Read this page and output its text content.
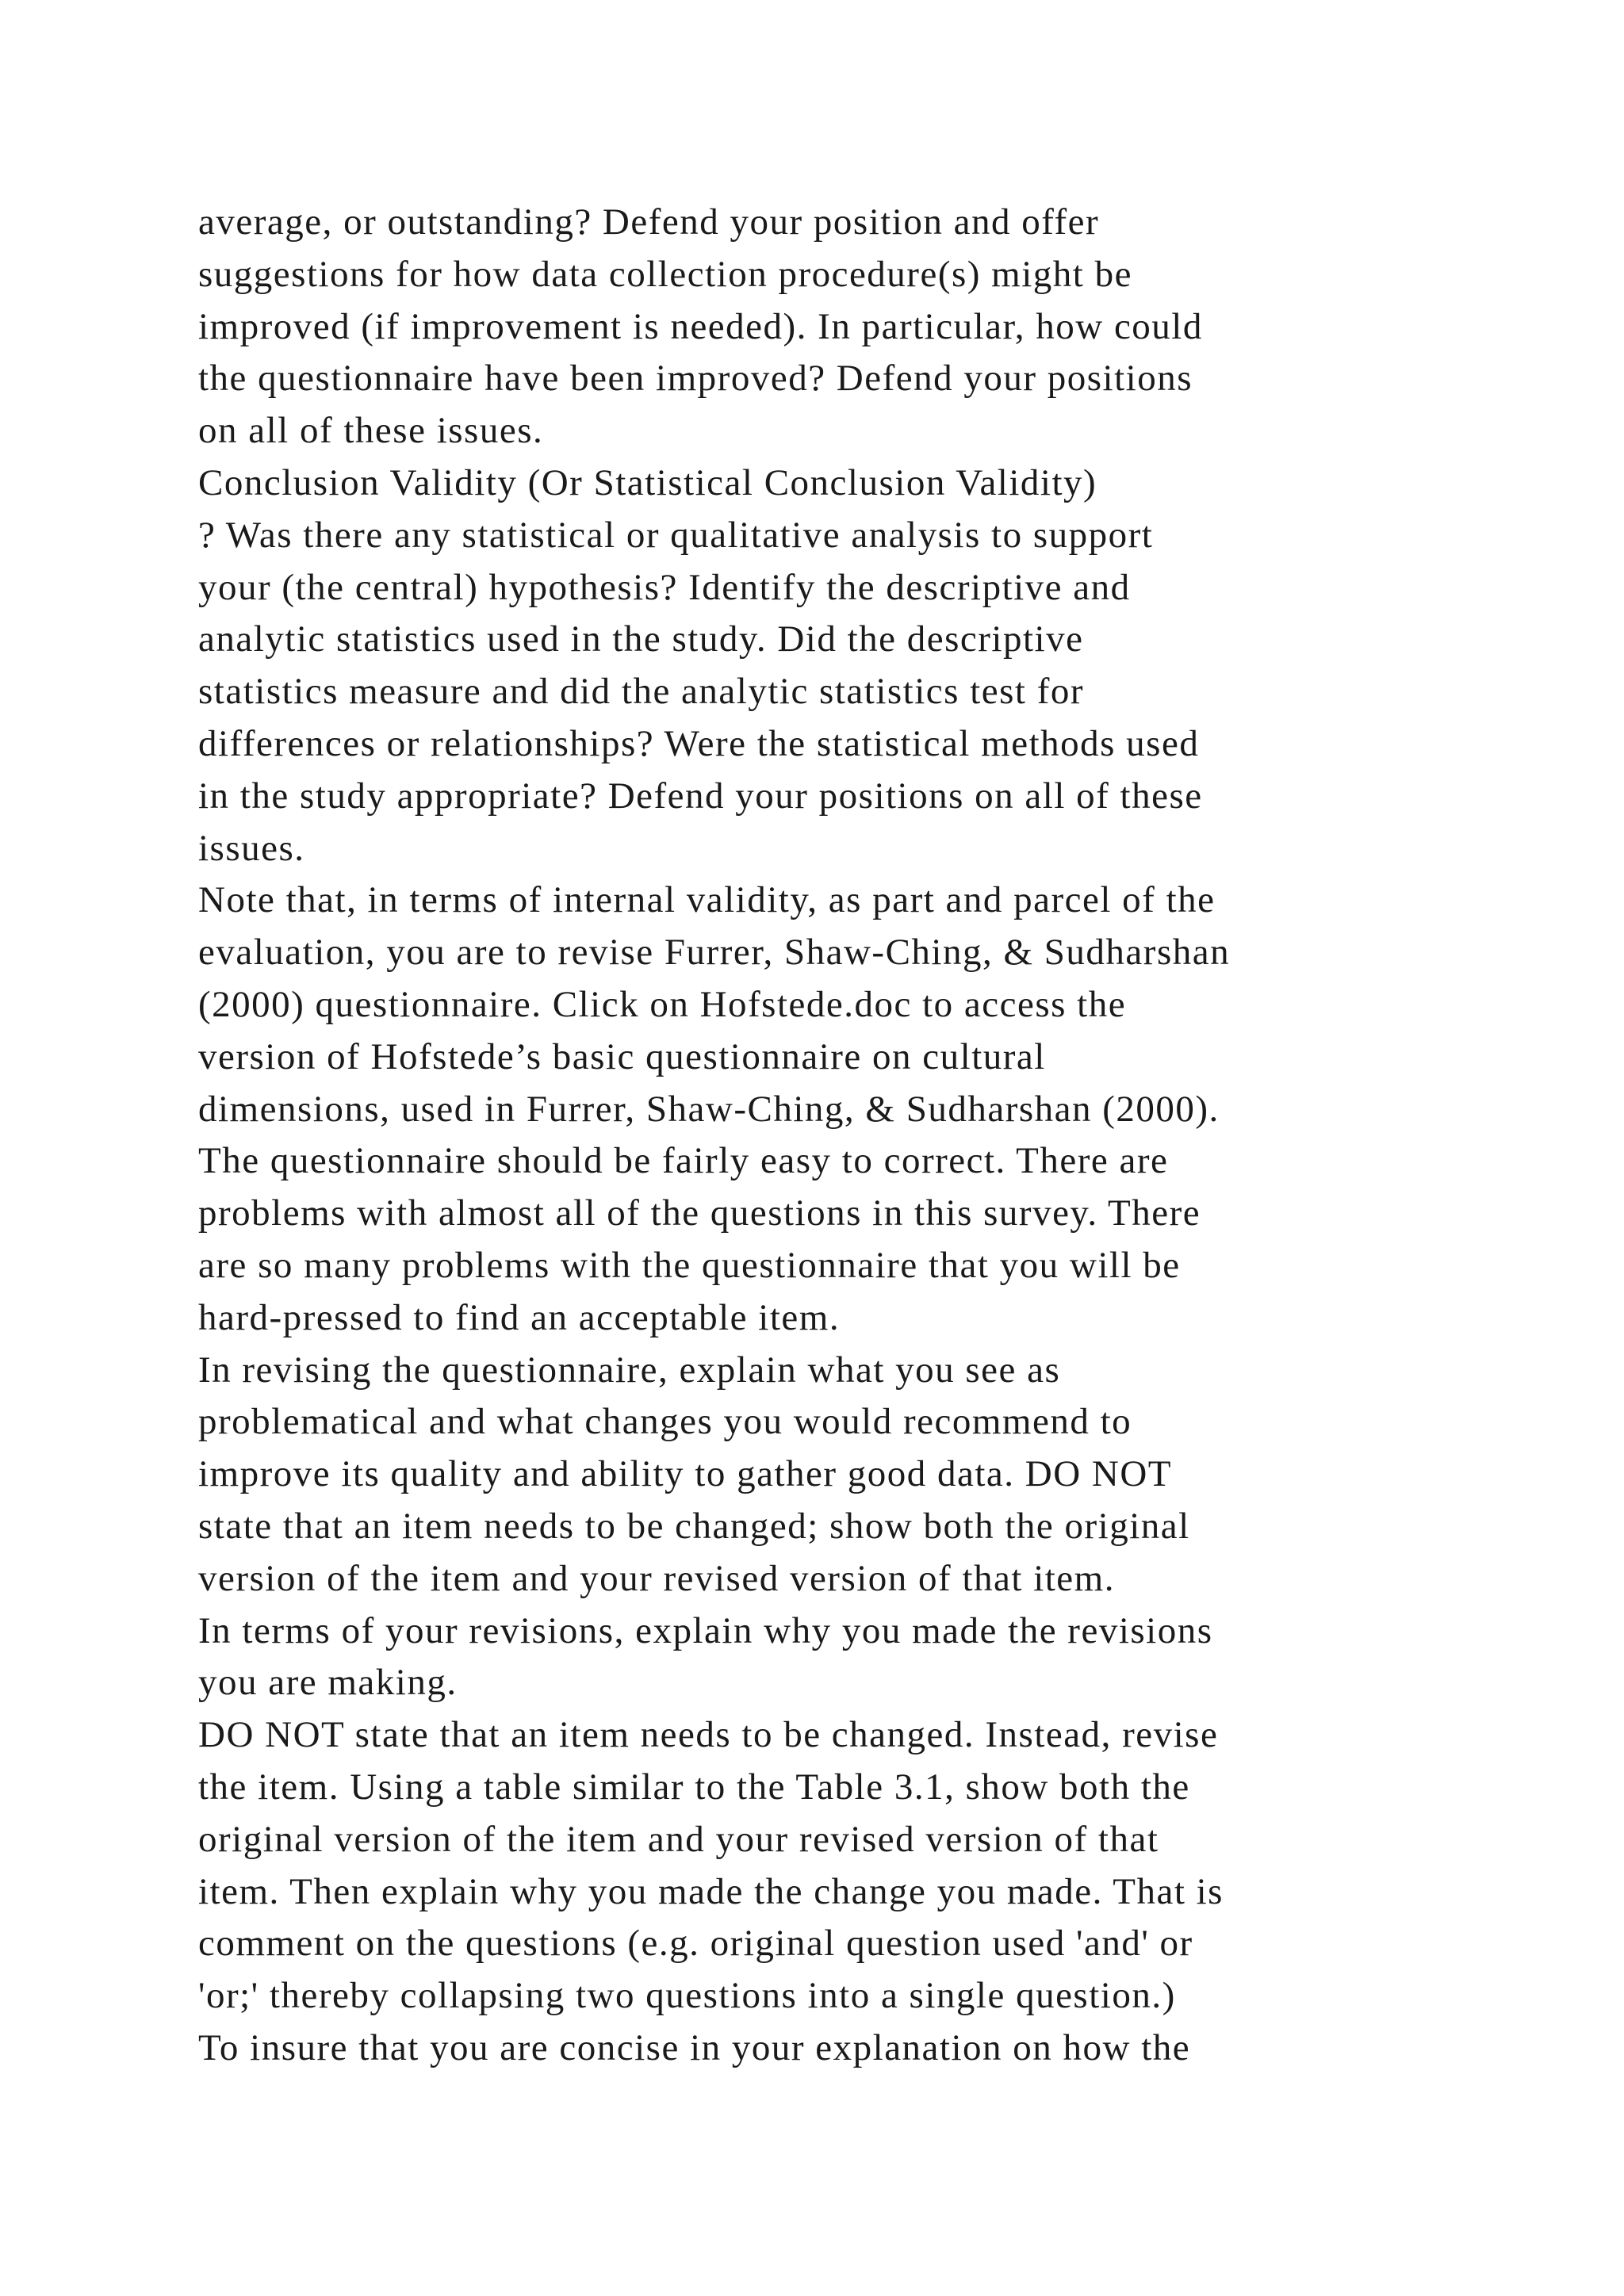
average, or outstanding? Defend your position and offer
suggestions for how data collection procedure(s) might be
improved (if improvement is needed). In particular, how could
the questionnaire have been improved? Defend your positions
on all of these issues.
Conclusion Validity (Or Statistical Conclusion Validity)
? Was there any statistical or qualitative analysis to support
your (the central) hypothesis? Identify the descriptive and
analytic statistics used in the study. Did the descriptive
statistics measure and did the analytic statistics test for
differences or relationships? Were the statistical methods used
in the study appropriate? Defend your positions on all of these
issues.
Note that, in terms of internal validity, as part and parcel of the
evaluation, you are to revise Furrer, Shaw-Ching, & Sudharshan
(2000) questionnaire. Click on Hofstede.doc to access the
version of Hofstede’s basic questionnaire on cultural
dimensions, used in Furrer, Shaw-Ching, & Sudharshan (2000).
The questionnaire should be fairly easy to correct. There are
problems with almost all of the questions in this survey. There
are so many problems with the questionnaire that you will be
hard-pressed to find an acceptable item.
In revising the questionnaire, explain what you see as
problematical and what changes you would recommend to
improve its quality and ability to gather good data. DO NOT
state that an item needs to be changed; show both the original
version of the item and your revised version of that item.
In terms of your revisions, explain why you made the revisions
you are making.
DO NOT state that an item needs to be changed. Instead, revise
the item. Using a table similar to the Table 3.1, show both the
original version of the item and your revised version of that
item. Then explain why you made the change you made. That is
comment on the questions (e.g. original question used 'and' or
'or;' thereby collapsing two questions into a single question.)
To insure that you are concise in your explanation on how the
